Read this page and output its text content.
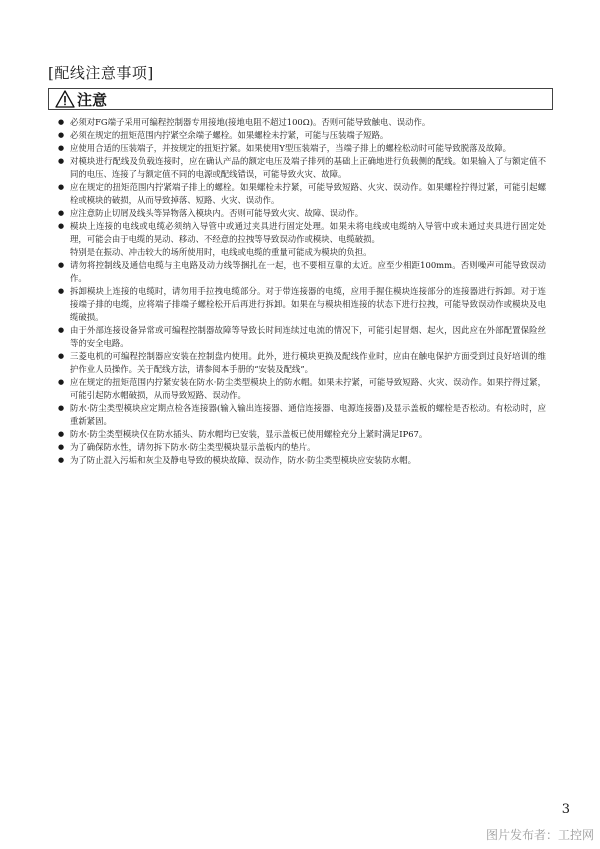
[配线注意事项]
注意
● 必须对FG端子采用可编程控制器专用接地(接地电阻不超过100Ω)。否则可能导致触电、误动作。
● 必须在规定的扭矩范围内拧紧空余端子螺栓。如果螺栓未拧紧，可能与压装端子短路。
● 应使用合适的压装端子，并按规定的扭矩拧紧。如果使用Y型压装端子，当端子排上的螺栓松动时可能导致脱落及故障。
● 对模块进行配线及负载连接时，应在确认产品的额定电压及端子排列的基础上正确地进行负载侧的配线。如果输入了与额定值不同的电压、连接了与额定值不同的电源或配线错误，可能导致火灾、故障。
● 应在规定的扭矩范围内拧紧端子排上的螺栓。如果螺栓未拧紧，可能导致短路、火灾、误动作。如果螺栓拧得过紧，可能引起螺栓或模块的破损，从而导致掉落、短路、火灾、误动作。
● 应注意防止切屑及线头等异物落入模块内。否则可能导致火灾、故障、误动作。
● 模块上连接的电线或电缆必须纳入导管中或通过夹具进行固定处理。如果未将电线或电缆纳入导管中或未通过夹具进行固定处理，可能会由于电缆的晃动、移动、不经意的拉拽等导致误动作或模块、电缆破损。
特别是在振动、冲击较大的场所使用时，电线或电缆的重量可能成为模块的负担。
● 请勿将控制线及通信电缆与主电路及动力线等捆扎在一起，也不要相互靠的太近。应至少相距100mm。否则噪声可能导致误动作。
● 拆卸模块上连接的电缆时，请勿用手拉拽电缆部分。对于带连接器的电缆，应用手握住模块连接部分的连接器进行拆卸。对于连接端子排的电缆，应将端子排端子螺栓松开后再进行拆卸。如果在与模块相连接的状态下进行拉拽，可能导致误动作或模块及电缆破损。
● 由于外部连接设备异常或可编程控制器故障等导致长时间连续过电流的情况下，可能引起冒烟、起火，因此应在外部配置保险丝等的安全电路。
● 三菱电机的可编程控制器应安装在控制盘内使用。此外，进行模块更换及配线作业时，应由在触电保护方面受到过良好培训的维护作业人员操作。关于配线方法，请参阅本手册的“安装及配线”。
● 应在规定的扭矩范围内拧紧安装在防水·防尘类型模块上的防水帽。如果未拧紧，可能导致短路、火灾、误动作。如果拧得过紧，可能引起防水帽破损，从而导致短路、误动作。
● 防水·防尘类型模块应定期点检各连接器(输入输出连接器、通信连接器、电源连接器)及显示盖板的螺栓是否松动。有松动时，应重新紧固。
● 防水·防尘类型模块仅在防水插头、防水帽均已安装，显示盖板已使用螺栓充分上紧时满足IP67。
● 为了确保防水性，请勿拆下防水·防尘类型模块显示盖板内的垫片。
● 为了防止混入污垢和灰尘及静电导致的模块故障、误动作，防水·防尘类型模块应安装防水帽。
3
图片发布者：工控网
